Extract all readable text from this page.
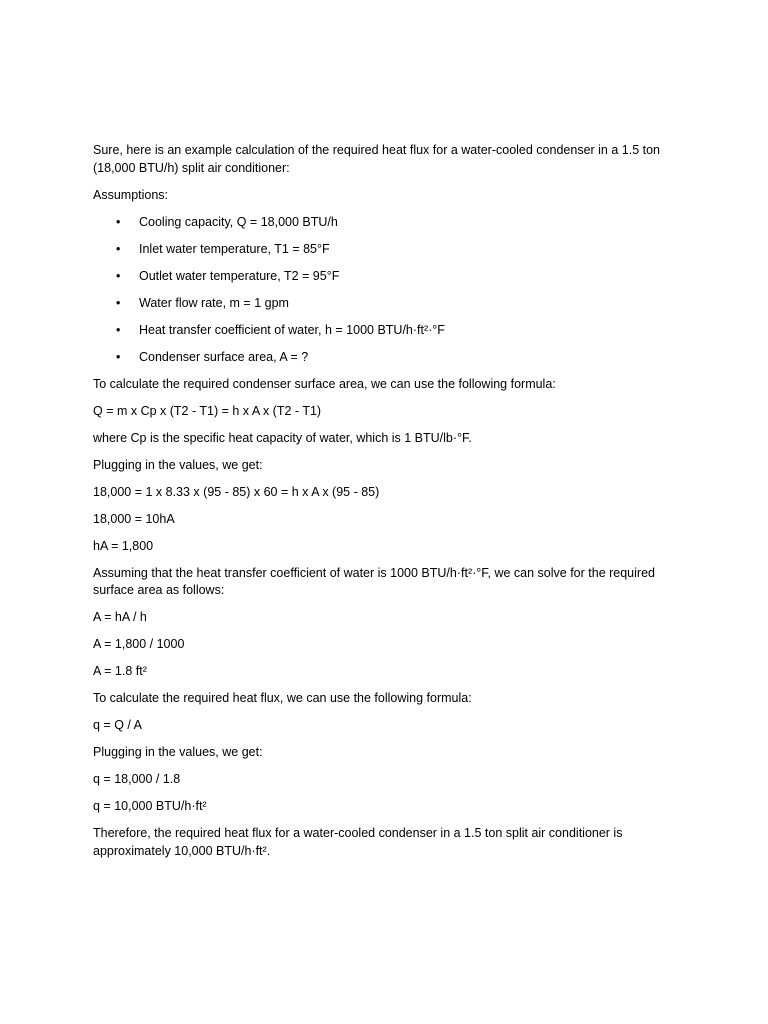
Sure, here is an example calculation of the required heat flux for a water-cooled condenser in a 1.5 ton (18,000 BTU/h) split air conditioner:

Assumptions:

• Cooling capacity, Q = 18,000 BTU/h
• Inlet water temperature, T1 = 85°F
• Outlet water temperature, T2 = 95°F
• Water flow rate, m = 1 gpm
• Heat transfer coefficient of water, h = 1000 BTU/h·ft²·°F
• Condenser surface area, A = ?

To calculate the required condenser surface area, we can use the following formula:

Q = m x Cp x (T2 - T1) = h x A x (T2 - T1)

where Cp is the specific heat capacity of water, which is 1 BTU/lb·°F.

Plugging in the values, we get:

18,000 = 1 x 8.33 x (95 - 85) x 60 = h x A x (95 - 85)

18,000 = 10hA

hA = 1,800

Assuming that the heat transfer coefficient of water is 1000 BTU/h·ft²·°F, we can solve for the required surface area as follows:

A = hA / h

A = 1,800 / 1000

A = 1.8 ft²

To calculate the required heat flux, we can use the following formula:

q = Q / A

Plugging in the values, we get:

q = 18,000 / 1.8

q = 10,000 BTU/h·ft²

Therefore, the required heat flux for a water-cooled condenser in a 1.5 ton split air conditioner is approximately 10,000 BTU/h·ft².
